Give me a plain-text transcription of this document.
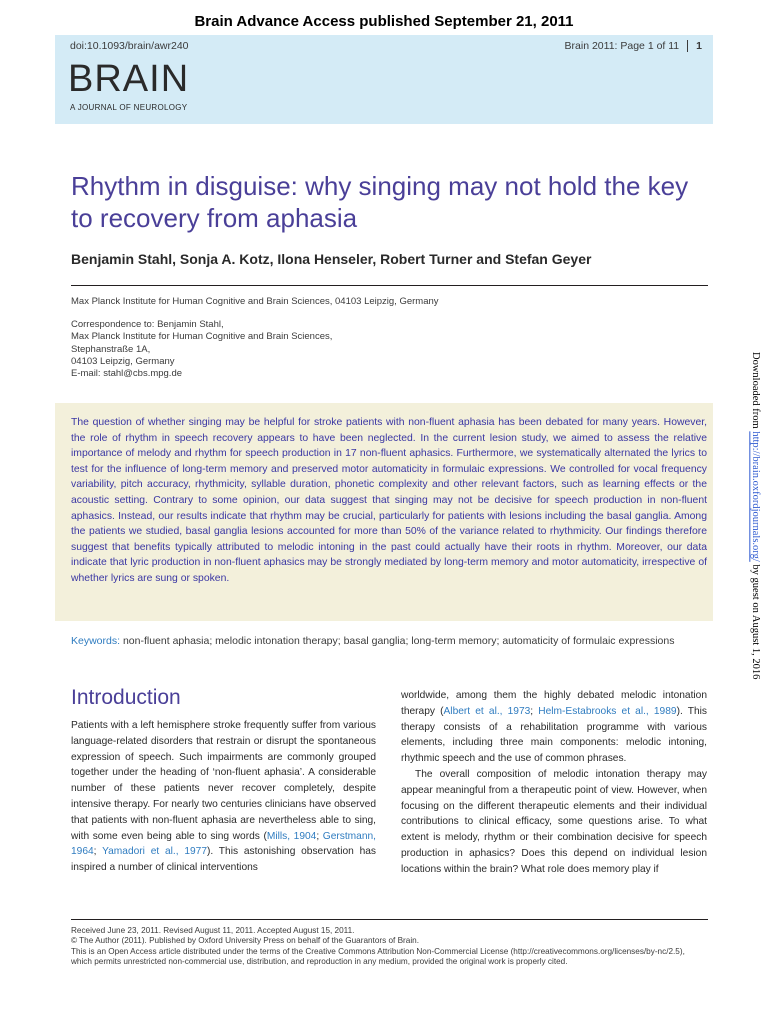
Brain Advance Access published September 21, 2011
doi:10.1093/brain/awr240	Brain 2011: Page 1 of 11 1
BRAIN
A JOURNAL OF NEUROLOGY
Rhythm in disguise: why singing may not hold the key to recovery from aphasia
Benjamin Stahl, Sonja A. Kotz, Ilona Henseler, Robert Turner and Stefan Geyer
Max Planck Institute for Human Cognitive and Brain Sciences, 04103 Leipzig, Germany
Correspondence to: Benjamin Stahl,
Max Planck Institute for Human Cognitive and Brain Sciences,
Stephanstraße 1A,
04103 Leipzig, Germany
E-mail: stahl@cbs.mpg.de
The question of whether singing may be helpful for stroke patients with non-fluent aphasia has been debated for many years. However, the role of rhythm in speech recovery appears to have been neglected. In the current lesion study, we aimed to assess the relative importance of melody and rhythm for speech production in 17 non-fluent aphasics. Furthermore, we systematically alternated the lyrics to test for the influence of long-term memory and preserved motor automaticity in formulaic expressions. We controlled for vocal frequency variability, pitch accuracy, rhythmicity, syllable duration, phonetic complexity and other relevant factors, such as learning effects or the acoustic setting. Contrary to some opinion, our data suggest that singing may not be decisive for speech production in non-fluent aphasics. Instead, our results indicate that rhythm may be crucial, particularly for patients with lesions including the basal ganglia. Among the patients we studied, basal ganglia lesions accounted for more than 50% of the variance related to rhythmicity. Our findings therefore suggest that benefits typically attributed to melodic intoning in the past could actually have their roots in rhythm. Moreover, our data indicate that lyric production in non-fluent aphasics may be strongly mediated by long-term memory and motor automaticity, irrespective of whether lyrics are sung or spoken.
Keywords: non-fluent aphasia; melodic intonation therapy; basal ganglia; long-term memory; automaticity of formulaic expressions
Introduction

Patients with a left hemisphere stroke frequently suffer from various language-related disorders that restrain or disrupt the spontaneous expression of speech. Such impairments are commonly grouped together under the heading of ‘non-fluent aphasia’. A considerable number of these patients never recover completely, despite intensive therapy. For nearly two centuries clinicians have observed that patients with non-fluent aphasia are nevertheless able to sing, with some even being able to sing words (Mills, 1904; Gerstmann, 1964; Yamadori et al., 1977). This astonishing observation has inspired a number of clinical interventions

worldwide, among them the highly debated melodic intonation therapy (Albert et al., 1973; Helm-Estabrooks et al., 1989). This therapy consists of a rehabilitation programme with various elements, including three main components: melodic intoning, rhythmic speech and the use of common phrases.

The overall composition of melodic intonation therapy may appear meaningful from a therapeutic point of view. However, when focusing on the different therapeutic elements and their individual contributions to clinical efficacy, some questions arise. To what extent is melody, rhythm or their combination decisive for speech production in aphasics? Does this depend on individual lesion locations within the brain? What role does memory play if

Downloaded from http://brain.oxfordjournals.org/ by guest on August 1, 2016
Received June 23, 2011. Revised August 11, 2011. Accepted August 15, 2011.
© The Author (2011). Published by Oxford University Press on behalf of the Guarantors of Brain.
This is an Open Access article distributed under the terms of the Creative Commons Attribution Non-Commercial License (http://creativecommons.org/licenses/by-nc/2.5),
which permits unrestricted non-commercial use, distribution, and reproduction in any medium, provided the original work is properly cited.
